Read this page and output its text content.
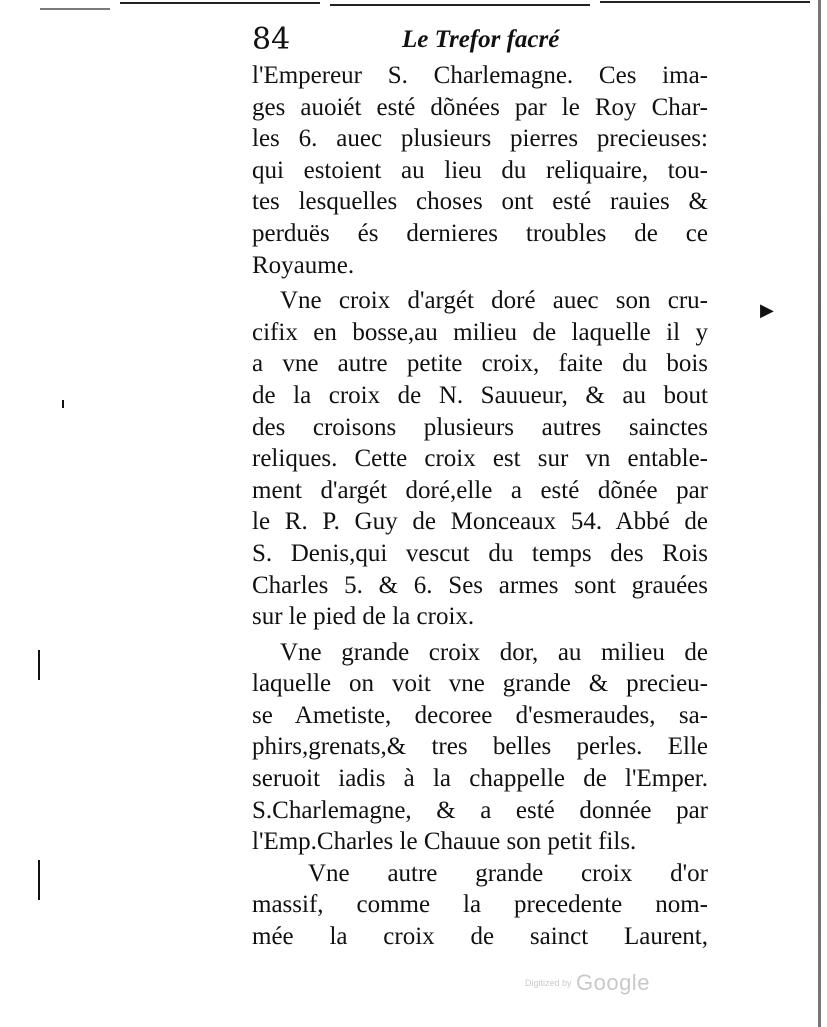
▶
84	Le Trefor facré
l'Empereur S. Charlemagne. Ces ima-
ges auoiét esté dõnées par le Roy Char-
les 6. auec plusieurs pierres precieuses:
qui estoient au lieu du reliquaire, tou-
tes lesquelles choses ont esté rauies &
perduës és dernieres troubles de ce
Royaume.
Vne croix d'argét doré auec son cru-
cifix en bosse,au milieu de laquelle il y
a vne autre petite croix, faite du bois
de la croix de N. Sauueur, & au bout
des croisons plusieurs autres sainctes
reliques. Cette croix est sur vn entable-
ment d'argét doré,elle a esté dõnée par
le R. P. Guy de Monceaux 54. Abbé de
S. Denis,qui vescut du temps des Rois
Charles 5. & 6. Ses armes sont grauées
sur le pied de la croix.
Vne grande croix dor, au milieu de
laquelle on voit vne grande & precieu-
se Ametiste, decoree d'esmeraudes, sa-
phirs,grenats,& tres belles perles. Elle
seruoit iadis à la chappelle de l'Emper.
S.Charlemagne, & a esté donnée par
l'Emp.Charles le Chauue son petit fils.
Vne autre grande croix d'or
massif, comme la precedente nom-
mée la croix de sainct Laurent,
Digitized by Google
